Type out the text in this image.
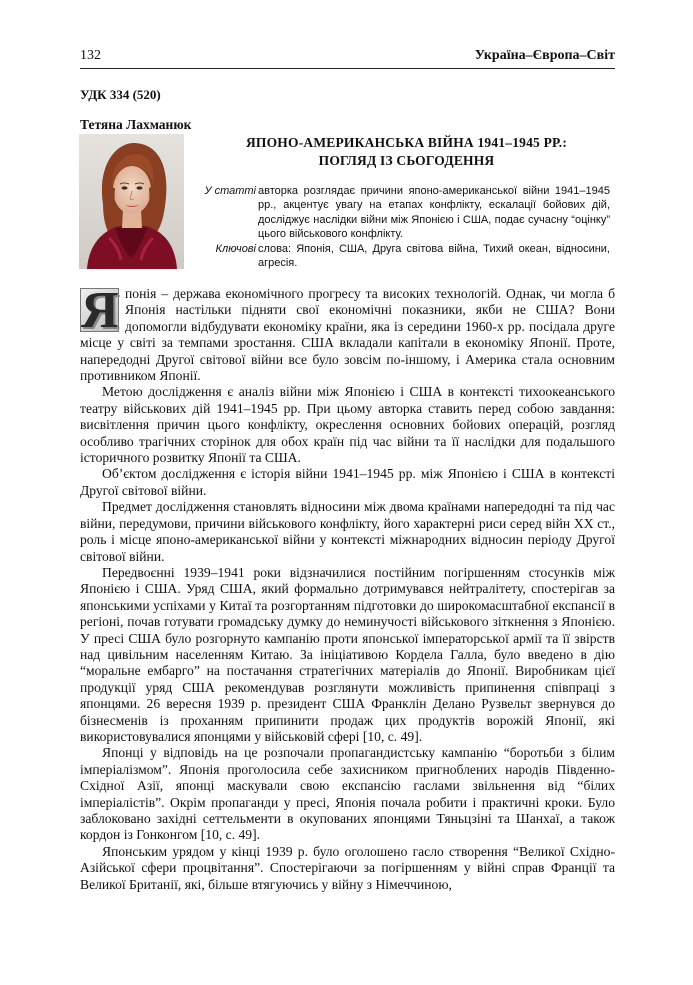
132	Україна–Європа–Світ
УДК 334 (520)
Тетяна Лахманюк
ЯПОНО-АМЕРИКАНСЬКА ВІЙНА 1941–1945 РР.:
ПОГЛЯД ІЗ СЬОГОДЕННЯ
У статті авторка розглядає причини японо-американської війни 1941–1945 рр., акцентує увагу на етапах конфлікту, ескалації бойових дій, досліджує наслідки війни між Японією і США, подає сучасну “оцінку” цього військового конфлікту.
Ключові слова: Японія, США, Друга світова війна, Тихий океан, відносини, агресія.

Я понія – держава економічного прогресу та високих технологій. Однак, чи могла б Японія настільки підняти свої економічні показники, якби не США? Вони допомогли відбудувати економіку країни, яка із середини 1960-х рр. посідала друге місце у світі за темпами зростання. США вкладали капітали в економіку Японії. Проте, напередодні Другої світової війни все було зовсім по-іншому, і Америка стала основним противником Японії.

Метою дослідження є аналіз війни між Японією і США в контексті тихоокеанського театру військових дій 1941–1945 рр. При цьому авторка ставить перед собою завдання: висвітлення причин цього конфлікту, окреслення основних бойових операцій, розгляд особливо трагічних сторінок для обох країн під час війни та її наслідки для подальшого історичного розвитку Японії та США.

Об’єктом дослідження є історія війни 1941–1945 рр. між Японією і США в контексті Другої світової війни.

Предмет дослідження становлять відносини між двома країнами напередодні та під час війни, передумови, причини військового конфлікту, його характерні риси серед війн ХХ ст., роль і місце японо-американської війни у контексті міжнародних відносин періоду Другої світової війни.

Передвоєнні 1939–1941 роки відзначилися постійним погіршенням стосунків між Японією і США. Уряд США, який формально дотримувався нейтралітету, спостерігав за японськими успіхами у Китаї та розгортанням підготовки до широкомасштабної експансії в регіоні, почав готувати громадську думку до неминучості військового зіткнення з Японією. У пресі США було розгорнуто кампанію проти японської імператорської армії та її звірств над цивільним населенням Китаю. За ініціативою Кордела Галла, було введено в дію “моральне ембарго” на постачання стратегічних матеріалів до Японії. Виробникам цієї продукції уряд США рекомендував розглянути можливість припинення співпраці з японцями. 26 вересня 1939 р. президент США Франклін Делано Рузвельт звернувся до бізнесменів із проханням припинити продаж цих продуктів ворожій Японії, які використовувалися японцями у військовій сфері [10, с. 49].

Японці у відповідь на це розпочали пропагандистську кампанію “боротьби з білим імперіалізмом”. Японія проголосила себе захисником пригноблених народів Південно-Східної Азії, японці маскували свою експансію гаслами звільнення від “білих імперіалістів”. Окрім пропаганди у пресі, Японія почала робити і практичні кроки. Було заблоковано західні сеттельменти в окупованих японцями Тяньцзіні та Шанхаї, а також кордон із Гонконгом [10, с. 49].

Японським урядом у кінці 1939 р. було оголошено гасло створення “Великої Східно-Азійської сфери процвітання”. Спостерігаючи за погіршенням у війні справ Франції та Великої Британії, які, більше втягуючись у війну з Німеччиною,
